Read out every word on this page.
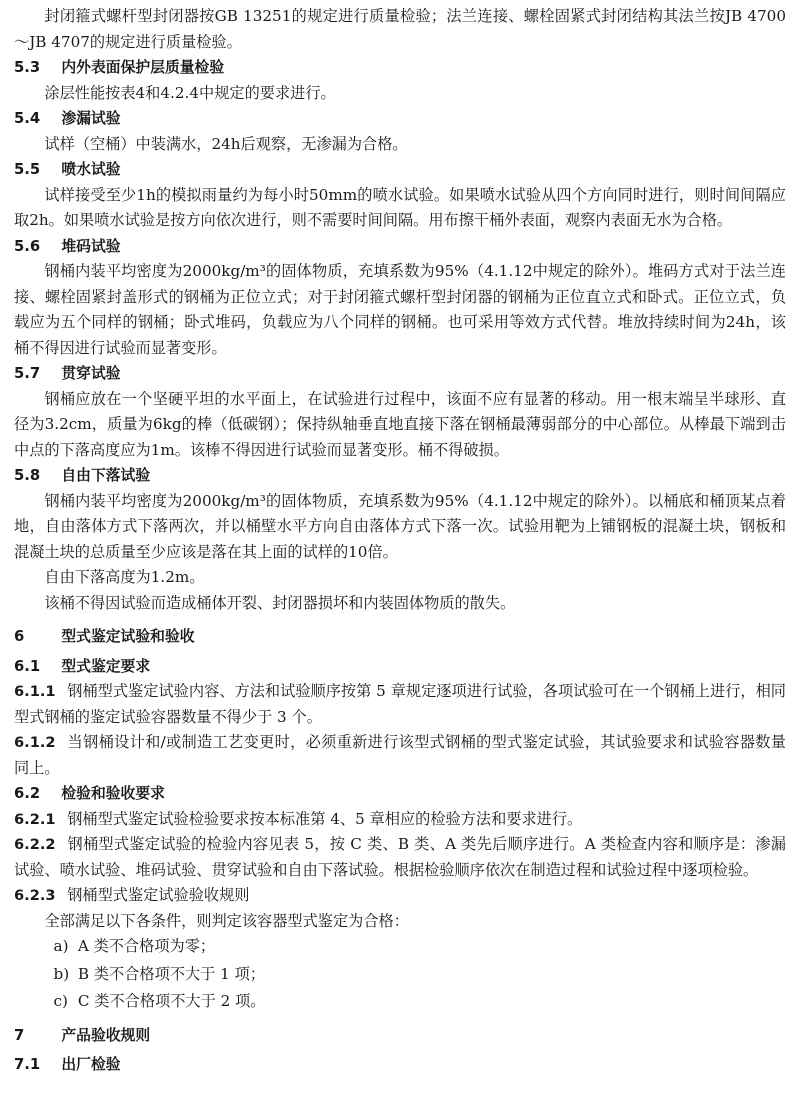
封闭箍式螺杆型封闭器按GB 13251的规定进行质量检验；法兰连接、螺栓固紧式封闭结构其法兰按JB 4700～JB 4707的规定进行质量检验。

5.3 内外表面保护层质量检验

涂层性能按表4和4.2.4中规定的要求进行。

5.4 渗漏试验

试样（空桶）中装满水，24h后观察，无渗漏为合格。

5.5 喷水试验

试样接受至少1h的模拟雨量约为每小时50mm的喷水试验。如果喷水试验从四个方向同时进行，则时间间隔应取2h。如果喷水试验是按方向依次进行，则不需要时间间隔。用布擦干桶外表面，观察内表面无水为合格。

5.6 堆码试验

钢桶内装平均密度为2000kg/m³的固体物质，充填系数为95%（4.1.12中规定的除外）。堆码方式对于法兰连接、螺栓固紧封盖形式的钢桶为正位立式；对于封闭箍式螺杆型封闭器的钢桶为正位直立式和卧式。正位立式，负载应为五个同样的钢桶；卧式堆码，负载应为八个同样的钢桶。也可采用等效方式代替。堆放持续时间为24h，该桶不得因进行试验而显著变形。

5.7 贯穿试验

钢桶应放在一个坚硬平坦的水平面上，在试验进行过程中，该面不应有显著的移动。用一根末端呈半球形、直径为3.2cm，质量为6kg的棒（低碳钢）；保持纵轴垂直地直接下落在钢桶最薄弱部分的中心部位。从棒最下端到击中点的下落高度应为1m。该棒不得因进行试验而显著变形。桶不得破损。

5.8 自由下落试验

钢桶内装平均密度为2000kg/m³的固体物质，充填系数为95%（4.1.12中规定的除外）。以桶底和桶顶某点着地，自由落体方式下落两次，并以桶壁水平方向自由落体方式下落一次。试验用靶为上铺钢板的混凝土块，钢板和混凝土块的总质量至少应该是落在其上面的试样的10倍。

自由下落高度为1.2m。

该桶不得因试验而造成桶体开裂、封闭器损坏和内装固体物质的散失。

6	型式鉴定试验和验收
6.1 型式鉴定要求

6.1.1 钢桶型式鉴定试验内容、方法和试验顺序按第 5 章规定逐项进行试验，各项试验可在一个钢桶上进行，相同型式钢桶的鉴定试验容器数量不得少于 3 个。

6.1.2 当钢桶设计和/或制造工艺变更时，必须重新进行该型式钢桶的型式鉴定试验，其试验要求和试验容器数量同上。

6.2 检验和验收要求

6.2.1 钢桶型式鉴定试验检验要求按本标准第 4、5 章相应的检验方法和要求进行。

6.2.2 钢桶型式鉴定试验的检验内容见表 5，按 C 类、B 类、A 类先后顺序进行。A 类检查内容和顺序是：渗漏试验、喷水试验、堆码试验、贯穿试验和自由下落试验。根据检验顺序依次在制造过程和试验过程中逐项检验。

6.2.3 钢桶型式鉴定试验验收规则

全部满足以下各条件，则判定该容器型式鉴定为合格：

a) A 类不合格项为零；
b) B 类不合格项不大于 1 项；
c) C 类不合格项不大于 2 项。
7	产品验收规则
7.1 出厂检验
